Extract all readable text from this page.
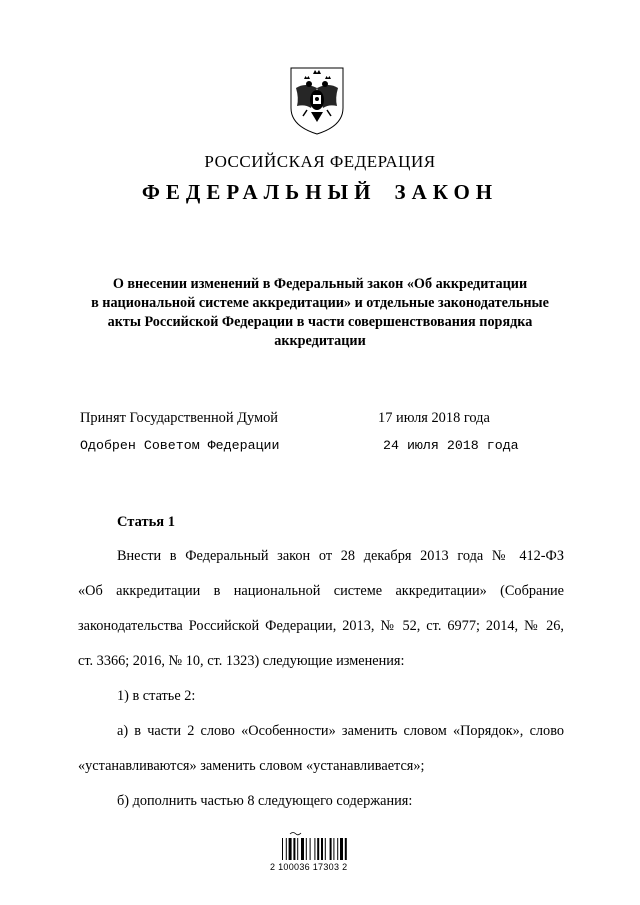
РОССИЙСКАЯ ФЕДЕРАЦИЯ
ФЕДЕРАЛЬНЫЙ ЗАКОН
О внесении изменений в Федеральный закон «Об аккредитации
в национальной системе аккредитации» и отдельные законодательные
акты Российской Федерации в части совершенствования порядка
аккредитации
Принят Государственной Думой	17 июля 2018 года
Одобрен Советом Федерации	24 июля 2018 года
Статья 1
Внести в Федеральный закон от 28 декабря 2013 года № 412-ФЗ
«Об аккредитации в национальной системе аккредитации» (Собрание
законодательства Российской Федерации, 2013, № 52, ст. 6977; 2014, № 26,
ст. 3366; 2016, № 10, ст. 1323) следующие изменения:
1) в статье 2:
а) в части 2 слово «Особенности» заменить словом «Порядок», слово
«устанавливаются» заменить словом «устанавливается»;
б) дополнить частью 8 следующего содержания:
2 100036 17303 2
